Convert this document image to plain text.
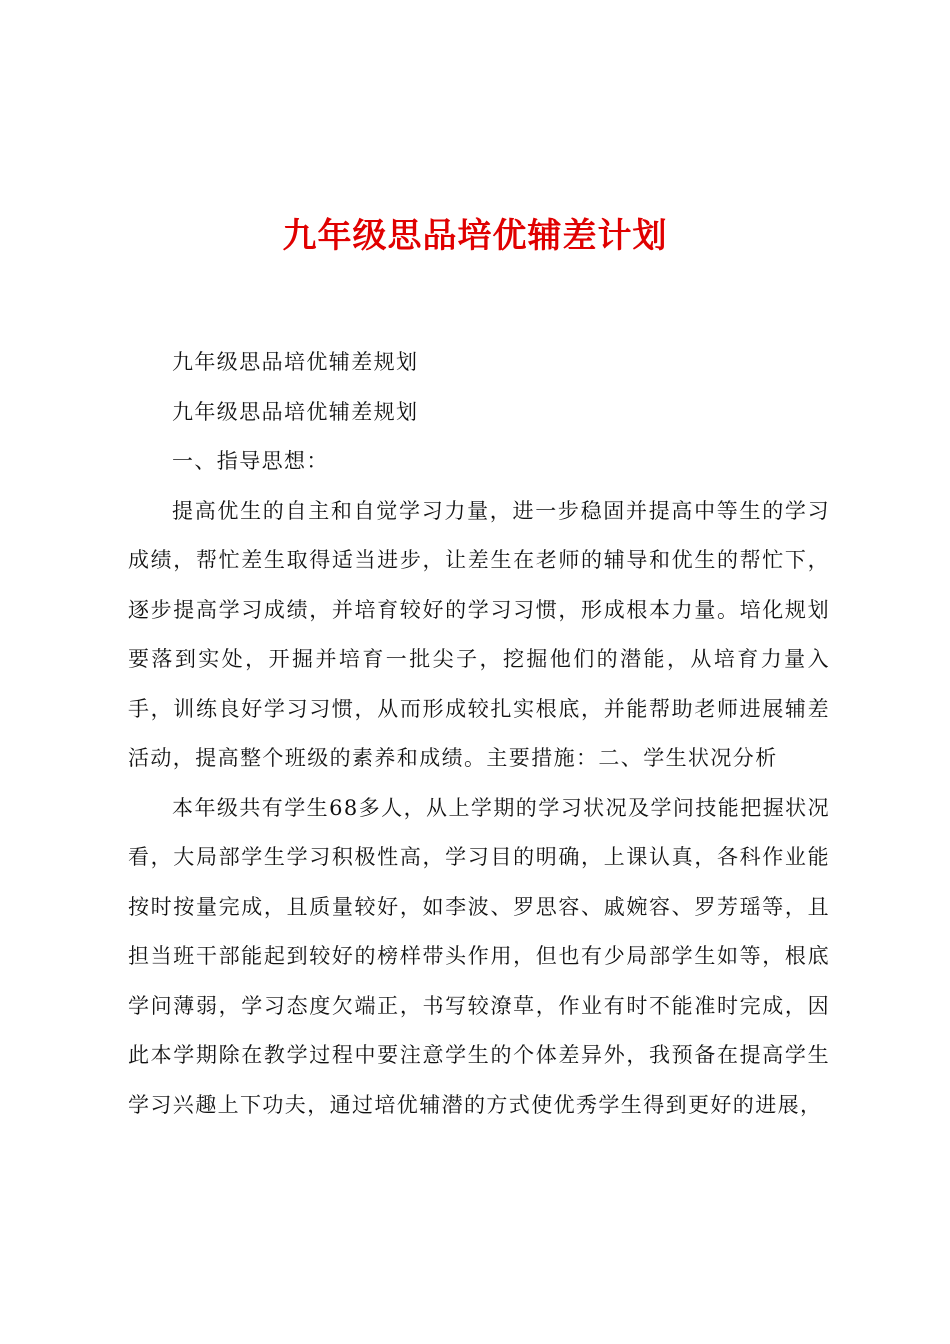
九年级思品培优辅差计划

九年级思品培优辅差规划

九年级思品培优辅差规划

一、指导思想：

提高优生的自主和自觉学习力量，进一步稳固并提高中等生的学习成绩，帮忙差生取得适当进步，让差生在老师的辅导和优生的帮忙下，逐步提高学习成绩，并培育较好的学习习惯，形成根本力量。培化规划要落到实处，开掘并培育一批尖子，挖掘他们的潜能，从培育力量入手，训练良好学习习惯，从而形成较扎实根底，并能帮助老师进展辅差活动，提高整个班级的素养和成绩。主要措施：二、学生状况分析

本年级共有学生68多人，从上学期的学习状况及学问技能把握状况看，大局部学生学习积极性高，学习目的明确，上课认真，各科作业能按时按量完成，且质量较好，如李波、罗思容、戚婉容、罗芳瑶等，且担当班干部能起到较好的榜样带头作用，但也有少局部学生如等，根底学问薄弱，学习态度欠端正，书写较潦草，作业有时不能准时完成，因此本学期除在教学过程中要注意学生的个体差异外，我预备在提高学生学习兴趣上下功夫，通过培优辅潜的方式使优秀学生得到更好的进展，
